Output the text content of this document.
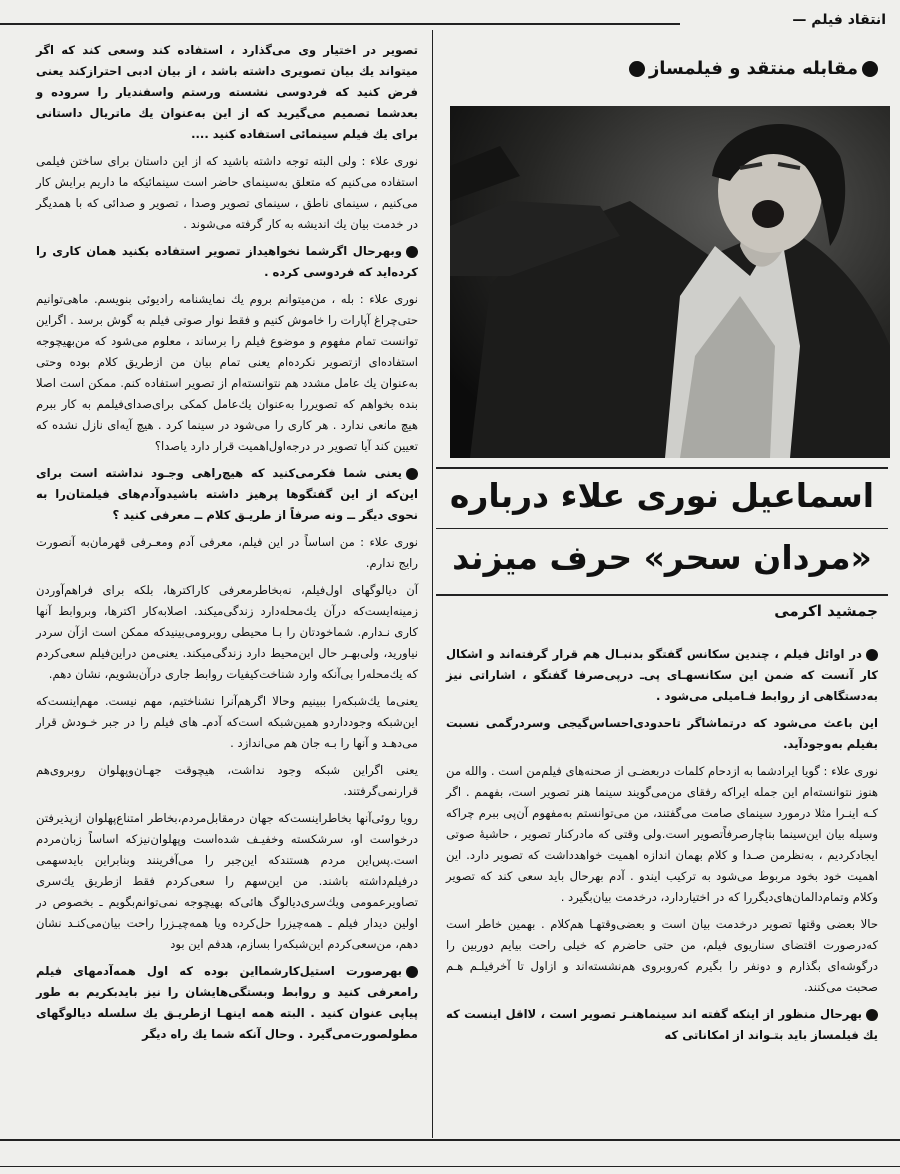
انتقاد فیلم —

تصویر در اختیار وی می‌گذارد ، استفاده کند وسعی کند که اگر میتواند یك بیان تصویری داشته باشد ، از بیان ادبی احترازکند یعنی فرض کنید که فردوسی نشسته ورستم واسفندیار را سروده و بعدشما تصمیم می‌گیرید که از این به‌عنوان یك ماتریال داستانی برای یك فیلم سینمائی استفاده کنید ....

نوری علاء : ولی البته توجه داشته باشید که از این داستان برای ساختن فیلمی استفاده می‌کنیم که متعلق به‌سینمای حاضر است سینمائیکه ما داریم برایش کار می‌کنیم ، سینمای ناطق ، سینمای تصویر وصدا ، تصویر و صدائی که با همدیگر در خدمت بیان یك اندیشه به کار گرفته می‌شوند .

وبهرحال اگرشما نخواهیداز تصویر استفاده بکنید همان کاری را کرده‌اید که فردوسی کرده .

نوری علاء : بله ، من‌میتوانم بروم یك نمایشنامه رادیوئی بنویسم. ماهی‌توانیم حتی‌چراغ آپارات را خاموش کنیم و فقط نوار صوتی فیلم به گوش برسد . اگراین توانست تمام مفهوم و موضوع فیلم را برساند ، معلوم می‌شود که من‌بهیچوجه استفاده‌ای ازتصویر نکرده‌ام یعنی تمام بیان من ازطریق کلام بوده وحتی به‌عنوان یك عامل مشدد هم نتوانسته‌ام از تصویر استفاده کنم. ممکن است اصلا بنده بخواهم که تصویررا به‌عنوان یك‌عامل کمکی برای‌صدای‌فیلمم به کار ببرم هیچ مانعی ندارد . هر کاری را می‌شود در سینما کرد . هیچ آیه‌ای نازل نشده که تعیین کند آیا تصویر در درجه‌اول‌اهمیت قرار دارد یاصدا؟

یعنی شما فکرمی‌کنید که هیچ‌راهی وجـود نداشته است برای این‌که از این گفتگوها پرهیز داشته باشیدوآدم‌های فیلمتان‌را به نحوی دیگر ــ ونه صرفاً از طریـق کلام ــ معرفی کنید ؟

نوری علاء : من اساساً در این فیلم، معرفی آدم ومعـرفی قهرمان‌به آنصورت رایج ندارم.

آن دیالوگهای اول‌فیلم، نه‌بخاطرمعرفی کاراکترها، بلکه برای فراهم‌آوردن زمینه‌ایست‌که درآن یك‌محله‌دارد زندگی‌میکند. اصلابه‌کار اکترها، وبروابط آنها کاری نـدارم. شماخودتان را بـا محیطی روبرومی‌بینیدکه ممکن است ازآن سردر نیاورید، ولی‌بهـر حال این‌محیط دارد زندگی‌میکند. یعنی‌من دراین‌فیلم سعی‌کردم که یك‌محله‌را بی‌آنکه وارد شناخت‌کیفیات روابط جاری درآن‌بشویم، نشان دهم.

یعنی‌ما یك‌شبکه‌را ببینیم وحالا اگرهم‌آنرا نشناختیم، مهم نیست. مهم‌اینست‌که این‌شبکه وجودداردو همین‌شبکه است‌که آدم‌ـ های فیلم را در جبر خـودش قرار می‌دهـد و آنها را بـه جان هم می‌اندازد .

یعنی اگراین شبکه وجود نداشت، هیچوقت جهـان‌وپهلوان روبروی‌هم قرارنمی‌گرفتند.

رویا روئی‌آنها بخاطراینست‌که جهان درمقابل‌مردم،بخاطر امتناع‌پهلوان ازپذیرفتن درخواست او، سرشکسته وخفیـف شده‌است وپهلوان‌نیزکه اساساً زبان‌مردم است.پس‌این مردم هستندکه این‌جبر را می‌آفرینند وبنابراین بایدسهمی درفیلم‌داشته باشند. من این‌سهم را سعی‌کردم فقط ازطریق یك‌سری تصاویرعمومی ویك‌سری‌دیالوگ هائی‌که بهیچوجه نمی‌توانم‌بگویم ـ بخصوص در اولین دیدار فیلم ـ همه‌چیزرا حل‌کرده ویا همه‌چیـزرا راحت بیان‌می‌کنـد نشان دهم، من‌سعی‌کردم این‌شبکه‌را بسازم، هدفم این بود

بهرصورت استیل‌کارشمااین بوده که اول همه‌آدمهای فیلم رامعرفی کنید و روابط وبستگی‌هایشان را نیز بایدبکریم به طور پیاپی عنوان کنید . البته همه اینهـا ازطریـق یك سلسله دیالوگهای مطولصورت‌می‌گیرد . وحال آنکه شما یك راه دیگر

مقابله منتقد و فیلمساز
اسماعیل نوری علاء درباره
«مردان سحر» حرف میزند
جمشید اکرمی

در اوائل فیلم ، چندین سکانس گفتگو بدنبـال هم قرار گرفته‌اند و اشکال کار آنست که ضمن این سکانسهـای پی‌ـ درپی‌صرفا گفتگو ، اشاراتی نیز به‌دستگاهی از روابط فـامیلی می‌شود .

این باعث می‌شود که درتماشاگر تاحدودی‌احساس‌گیجی وسردرگمی نسبت بفیلم به‌وجودآید.

نوری علاء : گویا ایرادشما به ازدحام کلمات دربعضـی از صحنه‌های فیلم‌من است . والله من هنوز نتوانسته‌ام این جمله ایراکه رفقای من‌می‌گویند سینما هنر تصویر است، بفهمم . اگر کـه اینـرا مثلا درمورد سینمای صامت می‌گفتند، من می‌توانستم به‌مفهوم آن‌پی ببرم چراکه وسیله بیان این‌سینما بناچارصرفاًتصویر است.ولی وقتی که مادرکنار تصویر ، حاشیهٔ صوتی ایجادکردیم ، به‌نظرمن صـدا و کلام بهمان اندازه اهمیت خواهدداشت که تصویر دارد. این اهمیت خود بخود مربوط می‌شود به ترکیب ایندو . آدم بهرحال باید سعی کند که تصویر وکلام وتمام‌دالمان‌های‌دیگررا که در اختیاردارد، درخدمت بیان‌بگیرد .

حالا بعضی وقتها تصویر درخدمت بیان است و بعضی‌وقتهـا هم‌کلام . بهمین خاطر است که‌درصورت اقتضای سناریوی فیلم، من حتی حاضرم که خیلی راحت بیایم دوربین را درگوشه‌ای بگذارم و دونفر را بگیرم که‌روبروی هم‌نشسته‌اند و ازاول تا آخرفیلـم هـم صحبت می‌کنند.

بهرحال منظور از اینکه گفته اند سینماهنـر تصویر است ، لااقل اینست که یك فیلمساز باید بتـواند از امکاناتی که
